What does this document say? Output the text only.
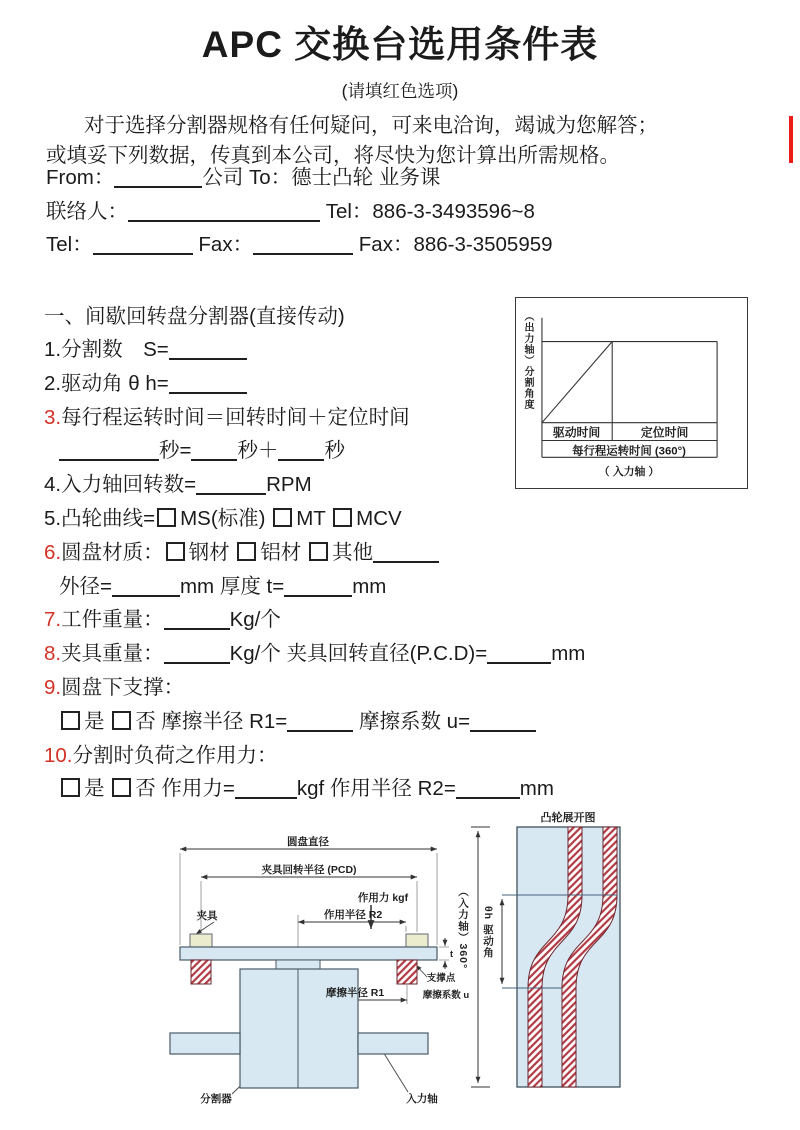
APC 交换台选用条件表
(请填红色选项)
对于选择分割器规格有任何疑问，可来电洽询，竭诚为您解答；
或填妥下列数据，传真到本公司，将尽快为您计算出所需规格。
From：	公司 To：德士凸轮 业务课
联络人：	Tel：886-3-3493596~8
Tel：	Fax：	Fax：886-3-3505959
一、间歇回转盘分割器(直接传动)
1.分割数　S=
2.驱动角 θ h=
3.每行程运转时间＝回转时间＋定位时间
秒= 秒＋ 秒
4.入力轴回转数=	RPM
5.凸轮曲线= MS(标准) MT MCV
6.圆盘材质： 钢材 铝材 其他
外径=	mm 厚度 t=	mm
7.工件重量：	Kg/个
8.夹具重量：	Kg/个 夹具回转直径(P.C.D)=	mm
9.圆盘下支撑：
是 否 摩擦半径 R1=	摩擦系数 u=
10.分割时负荷之作用力：
是 否 作用力=	kgf 作用半径 R2=	mm
驱动时间	定位时间
每行程运转时间 (360°)
（ 入力轴 ）
（出力轴）分割角度
圆盘直径
夹具回转半径 (PCD)
作用力 kgf
作用半径 R2
夹具
t
摩擦半径 R1
支撑点
摩擦系数 u
分割器	入力轴
凸轮展开图
（入力轴）360° θh 驱动角
